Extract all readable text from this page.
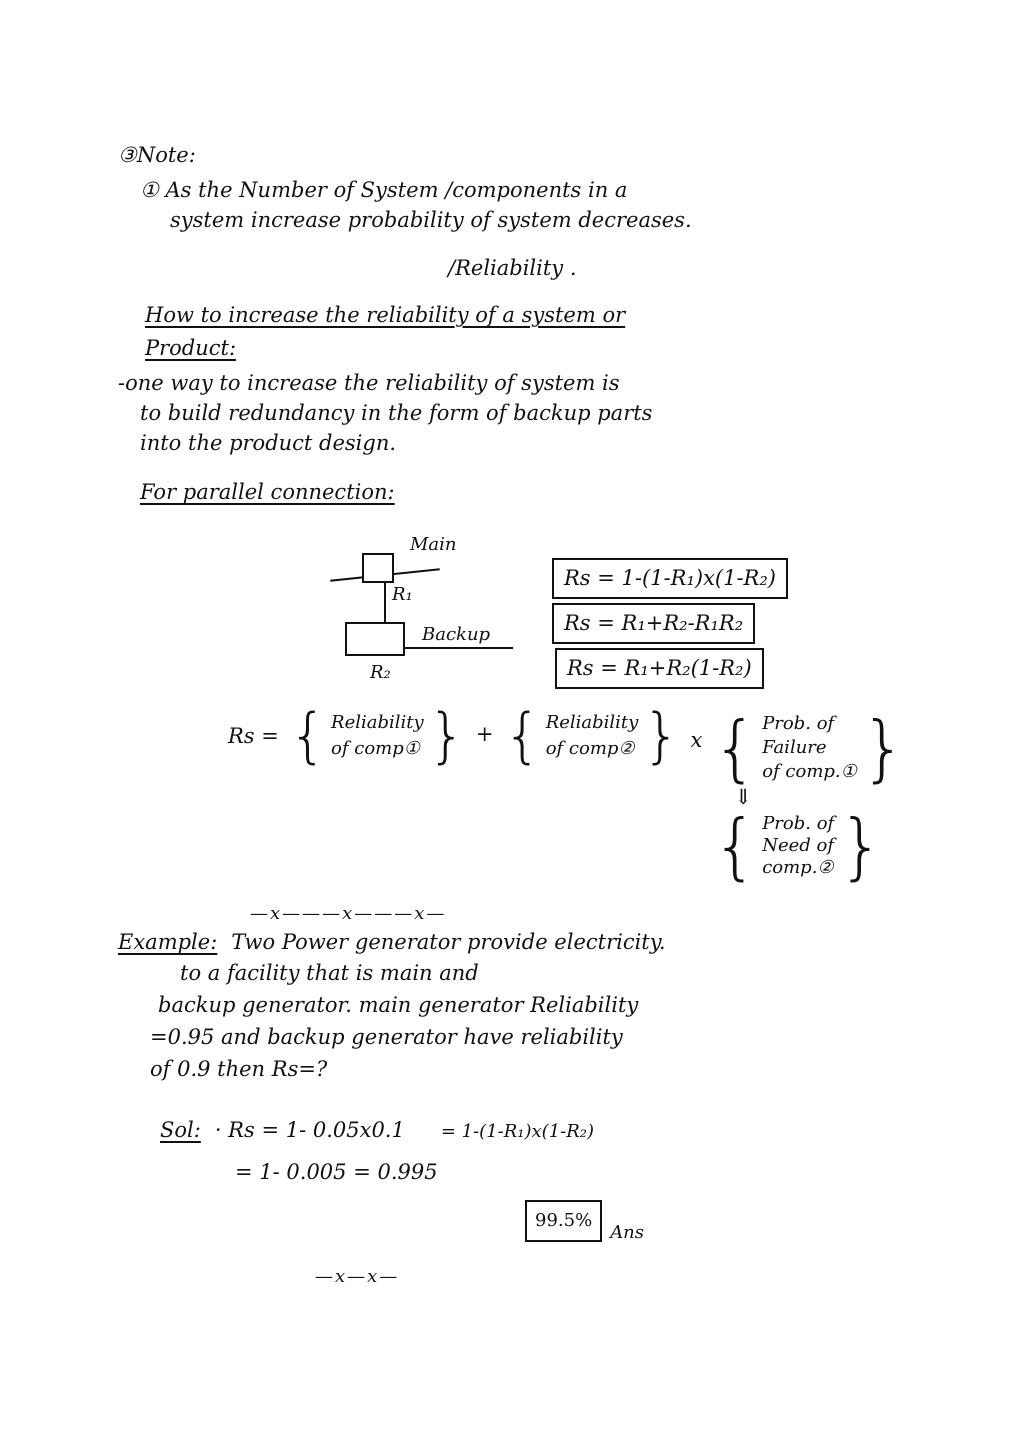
③Note:
① As the Number of System /components in a
system increase probability of system decreases.
/Reliability .
How to increase the reliability of a system or
Product:
-one way to increase the reliability of system is
to build redundancy in the form of backup parts
into the product design.
For parallel connection:
Main
R₁
Backup
R₂
Rs = 1-(1-R₁)x(1-R₂)
Rs = R₁+R₂-R₁R₂
Rs = R₁+R₂(1-R₂)
Rs = { Reliability
of comp① } + { Reliability
of comp② } x { Prob. of
Failure
of comp.① }
⇓
{ Prob. of
Need of
comp.② }
—x———x———x—
Example: Two Power generator provide electricity.
to a facility that is main and
backup generator. main generator Reliability
=0.95 and backup generator have reliability
of 0.9 then Rs=?
Sol: · Rs = 1- 0.05x0.1 = 1-(1-R₁)x(1-R₂)
= 1- 0.005 = 0.995
99.5%
Ans
—x—x—
